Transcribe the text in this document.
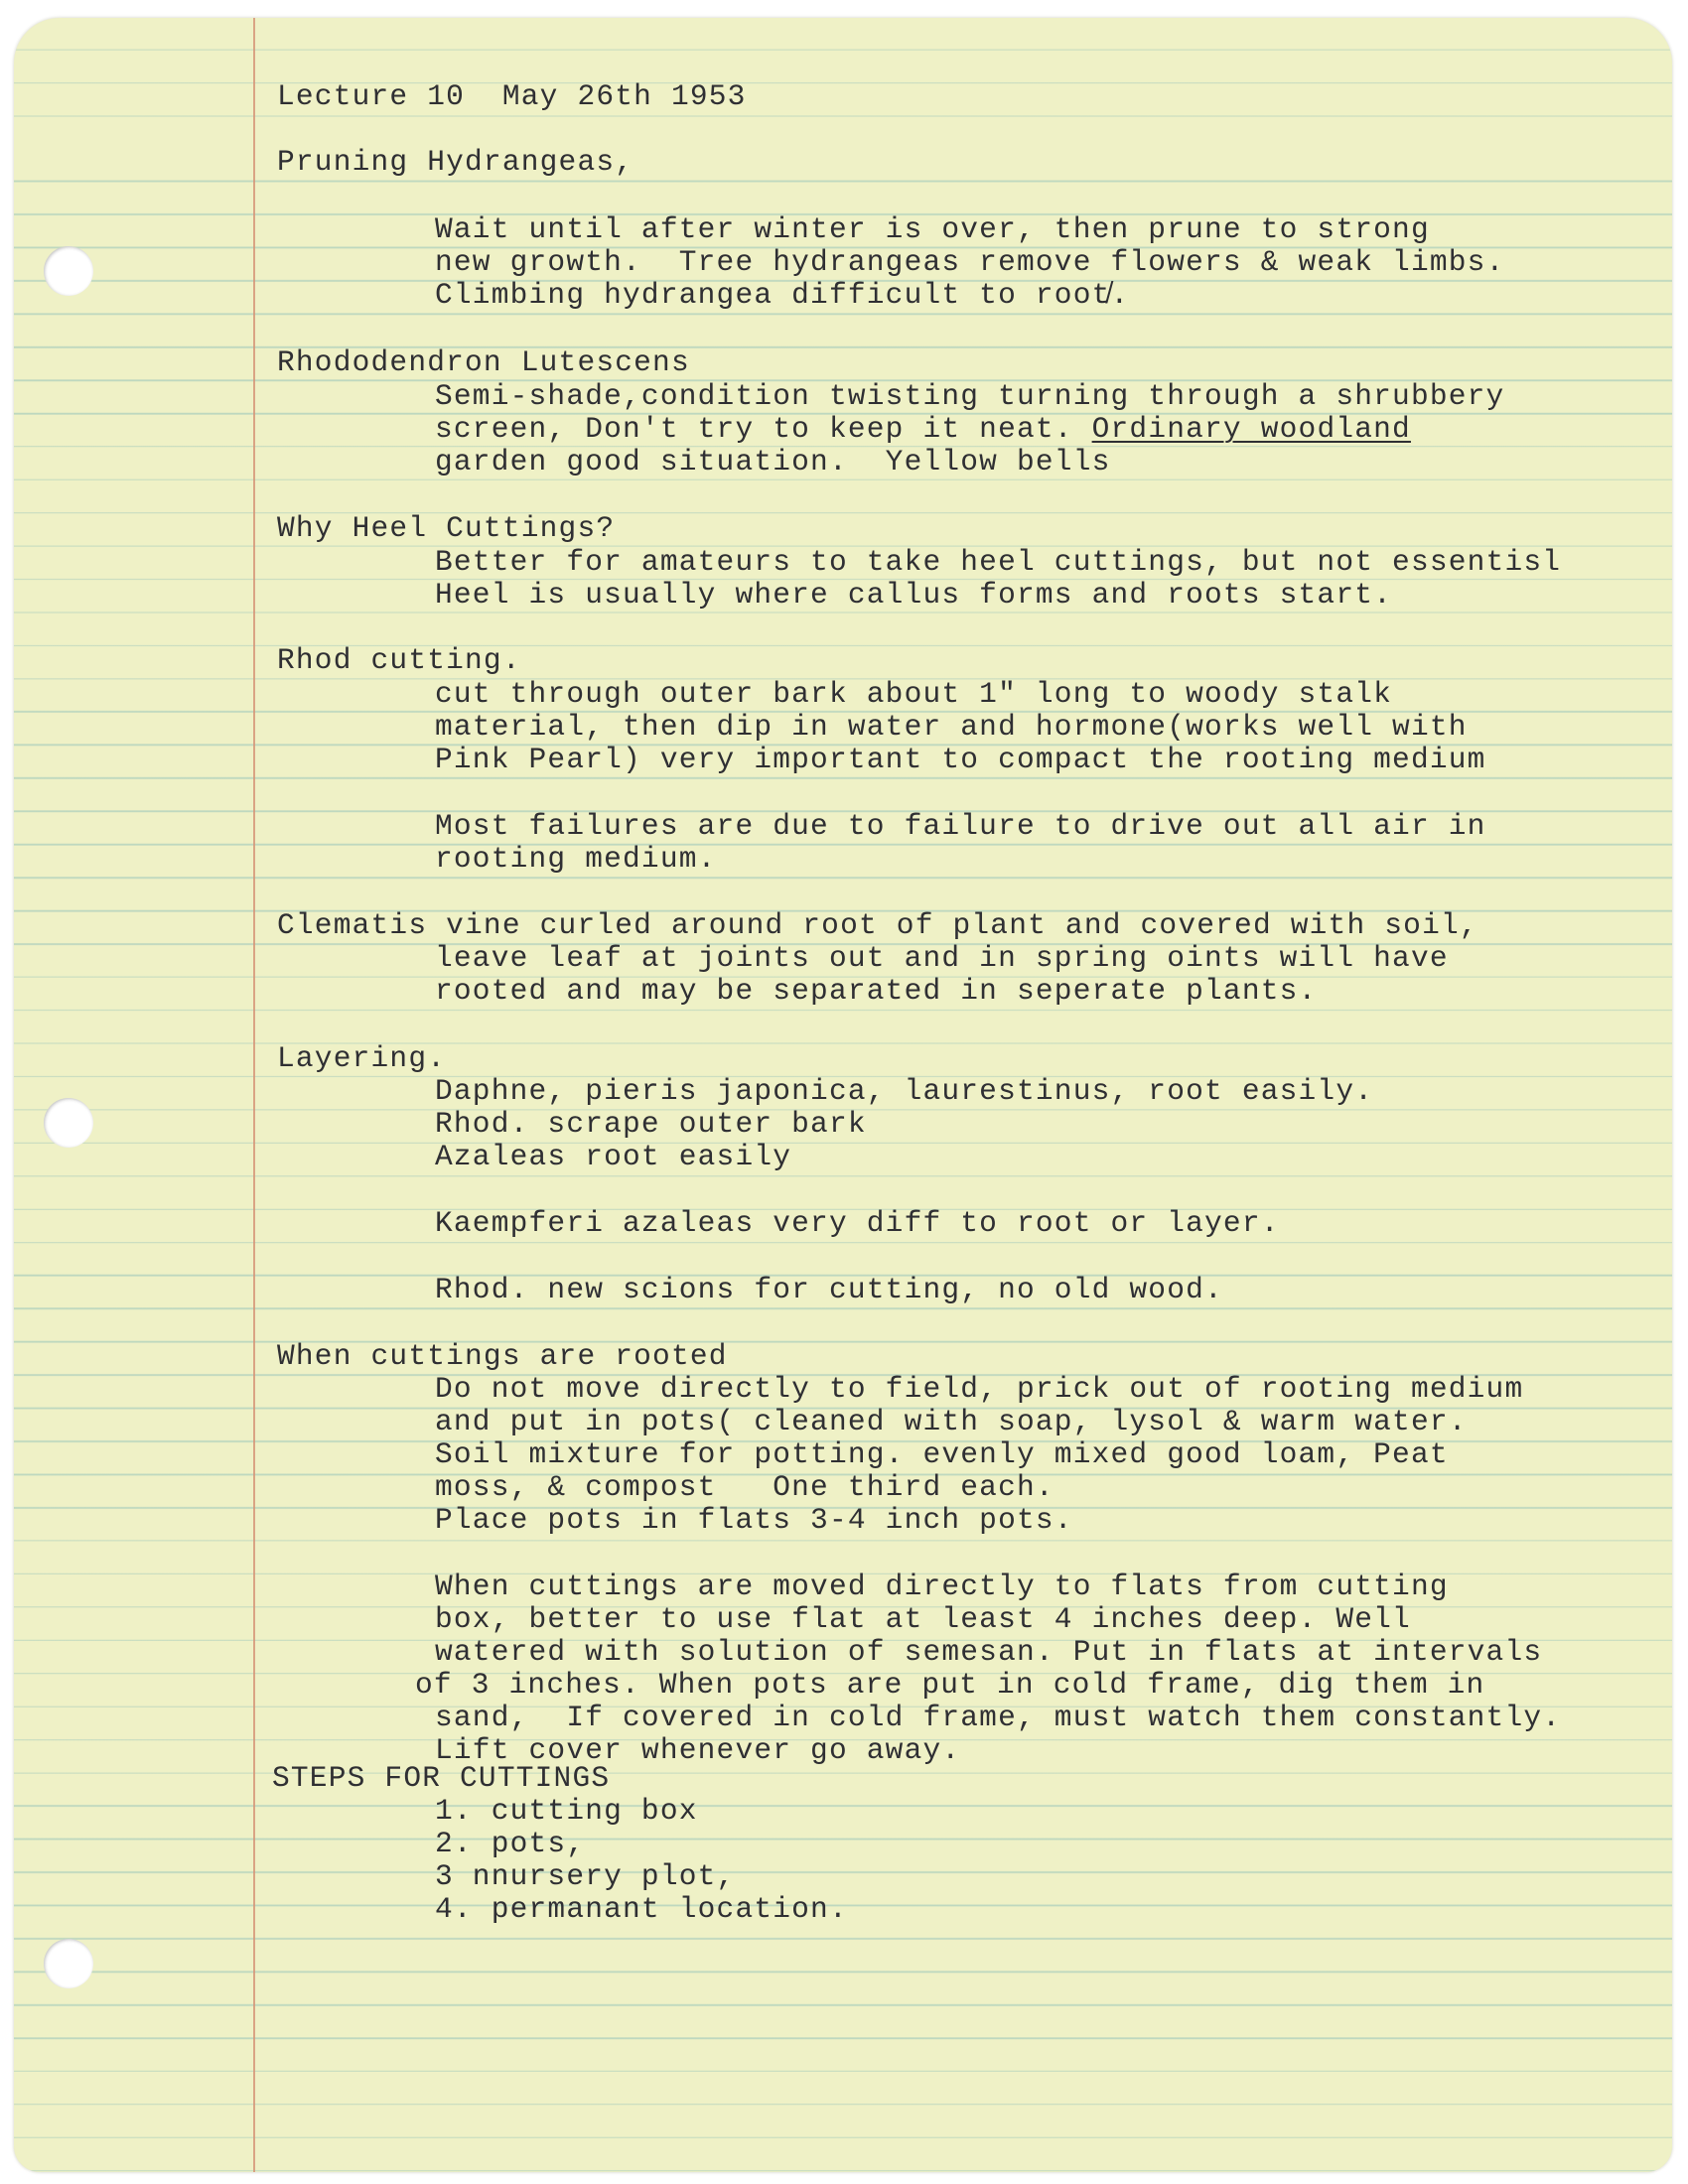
Lecture 10  May 26th 1953
Pruning Hydrangeas,
Wait until after winter is over, then prune to strong
new growth.  Tree hydrangeas remove flowers & weak limbs.
Climbing hydrangea difficult to root̸.
Rhododendron Lutescens
Semi-shade,condition twisting turning through a shrubbery
screen, Don't try to keep it neat. Ordinary woodland
garden good situation.  Yellow bells
Why Heel Cuttings?
Better for amateurs to take heel cuttings, but not essentisl
Heel is usually where callus forms and roots start.
Rhod cutting.
cut through outer bark about 1" long to woody stalk
material, then dip in water and hormone(works well with
Pink Pearl) very important to compact the rooting medium
Most failures are due to failure to drive out all air in
rooting medium.
Clematis vine curled around root of plant and covered with soil,
leave leaf at joints out and in spring oints will have
rooted and may be separated in seperate plants.
Layering.
Daphne, pieris japonica, laurestinus, root easily.
Rhod. scrape outer bark
Azaleas root easily
Kaempferi azaleas very diff to root or layer.
Rhod. new scions for cutting, no old wood.
When cuttings are rooted
Do not move directly to field, prick out of rooting medium
and put in pots( cleaned with soap, lysol & warm water.
Soil mixture for potting. evenly mixed good loam, Peat
moss, & compost   One third each.
Place pots in flats 3-4 inch pots.
When cuttings are moved directly to flats from cutting
box, better to use flat at least 4 inches deep. Well
watered with solution of semesan. Put in flats at intervals
of 3 inches. When pots are put in cold frame, dig them in
sand,  If covered in cold frame, must watch them constantly.
Lift cover whenever go away.
STEPS FOR CUTTINGS
1. cutting box
2. pots,
3 nnursery plot,
4. permanant location.
